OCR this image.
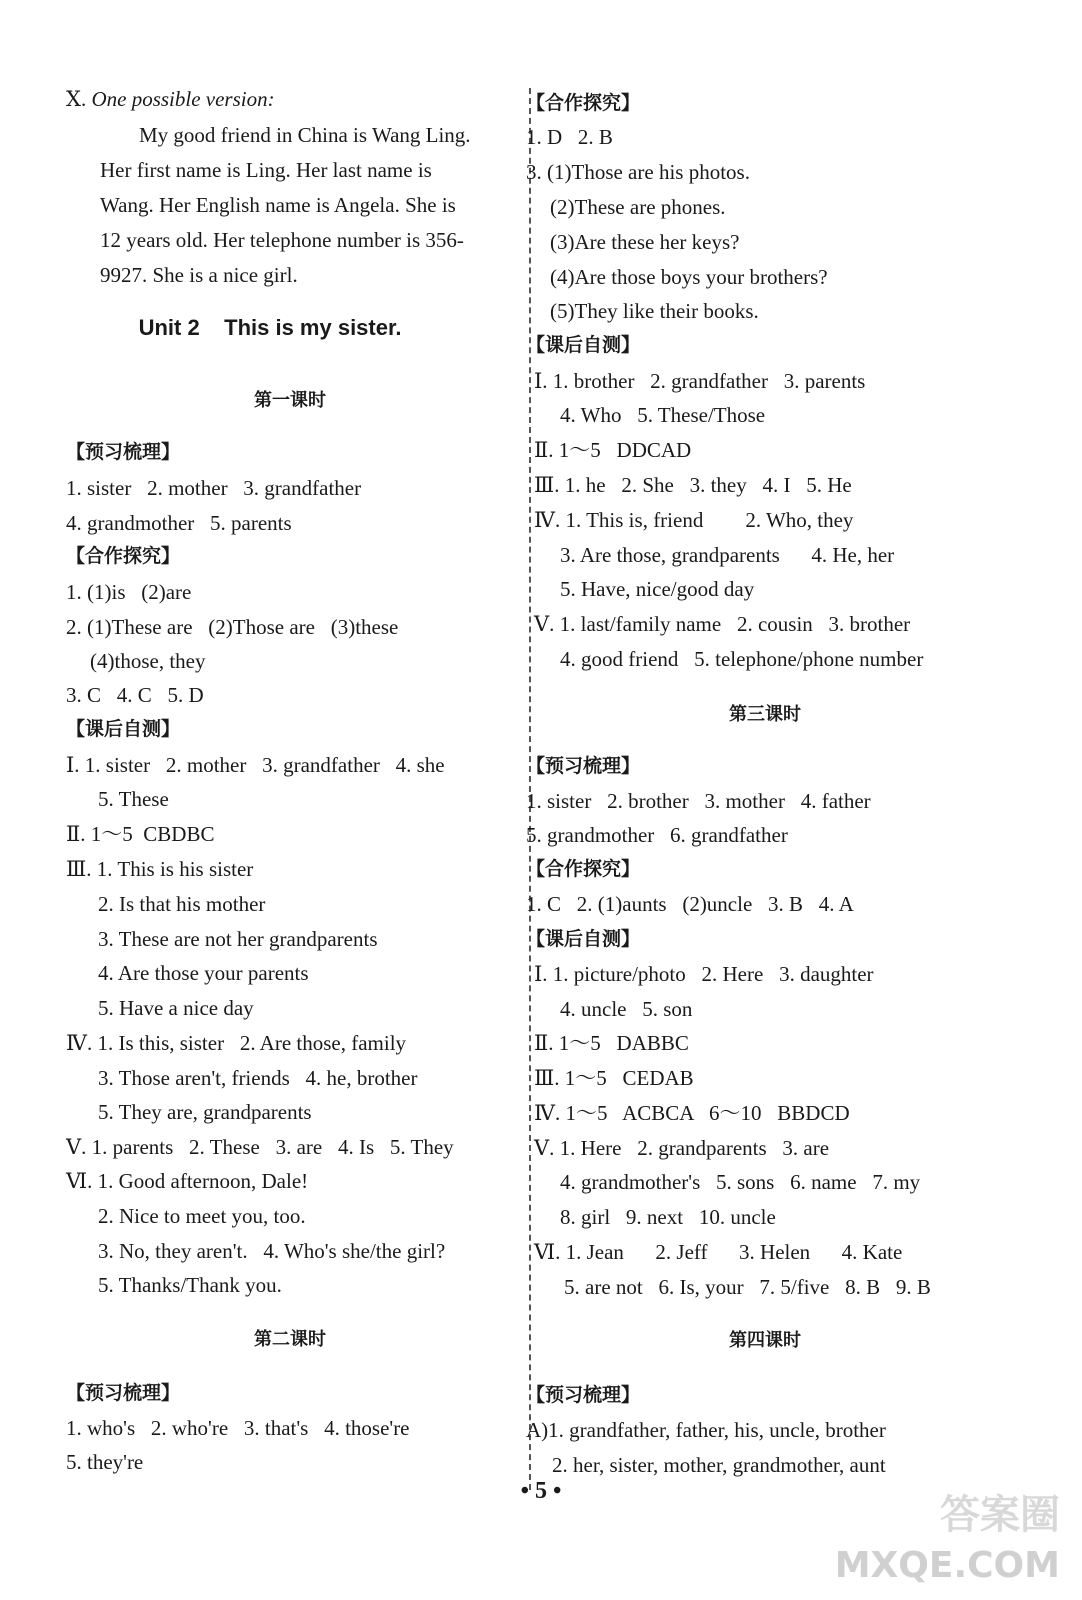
Ⅹ. One possible version:
My good friend in China is Wang Ling.
Her first name is Ling. Her last name is
Wang. Her English name is Angela. She is
12 years old. Her telephone number is 356-
9927. She is a nice girl.
Unit 2    This is my sister.
第一课时
【预习梳理】
1. sister   2. mother   3. grandfather
4. grandmother   5. parents
【合作探究】
1. (1)is   (2)are
2. (1)These are   (2)Those are   (3)these
(4)those, they
3. C   4. C   5. D
【课后自测】
Ⅰ. 1. sister   2. mother   3. grandfather   4. she
5. These
Ⅱ. 1～5  CBDBC
Ⅲ. 1. This is his sister
2. Is that his mother
3. These are not her grandparents
4. Are those your parents
5. Have a nice day
Ⅳ. 1. Is this, sister   2. Are those, family
3. Those aren't, friends   4. he, brother
5. They are, grandparents
Ⅴ. 1. parents   2. These   3. are   4. Is   5. They
Ⅵ. 1. Good afternoon, Dale!
2. Nice to meet you, too.
3. No, they aren't.   4. Who's she/the girl?
5. Thanks/Thank you.
第二课时
【预习梳理】
1. who's   2. who're   3. that's   4. those're
5. they're
【合作探究】
1. D   2. B
3. (1)Those are his photos.
(2)These are phones.
(3)Are these her keys?
(4)Are those boys your brothers?
(5)They like their books.
【课后自测】
Ⅰ. 1. brother   2. grandfather   3. parents
4. Who   5. These/Those
Ⅱ. 1～5   DDCAD
Ⅲ. 1. he   2. She   3. they   4. I   5. He
Ⅳ. 1. This is, friend        2. Who, they
3. Are those, grandparents      4. He, her
5. Have, nice/good day
Ⅴ. 1. last/family name   2. cousin   3. brother
4. good friend   5. telephone/phone number
第三课时
【预习梳理】
1. sister   2. brother   3. mother   4. father
5. grandmother   6. grandfather
【合作探究】
1. C   2. (1)aunts   (2)uncle   3. B   4. A
【课后自测】
Ⅰ. 1. picture/photo   2. Here   3. daughter
4. uncle   5. son
Ⅱ. 1～5   DABBC
Ⅲ. 1～5   CEDAB
Ⅳ. 1～5   ACBCA   6～10   BBDCD
Ⅴ. 1. Here   2. grandparents   3. are
4. grandmother's   5. sons   6. name   7. my
8. girl   9. next   10. uncle
Ⅵ. 1. Jean      2. Jeff      3. Helen      4. Kate
5. are not   6. Is, your   7. 5/five   8. B   9. B
第四课时
【预习梳理】
A)1. grandfather, father, his, uncle, brother
2. her, sister, mother, grandmother, aunt
• 5 •
答案圈
MXQE.COM
